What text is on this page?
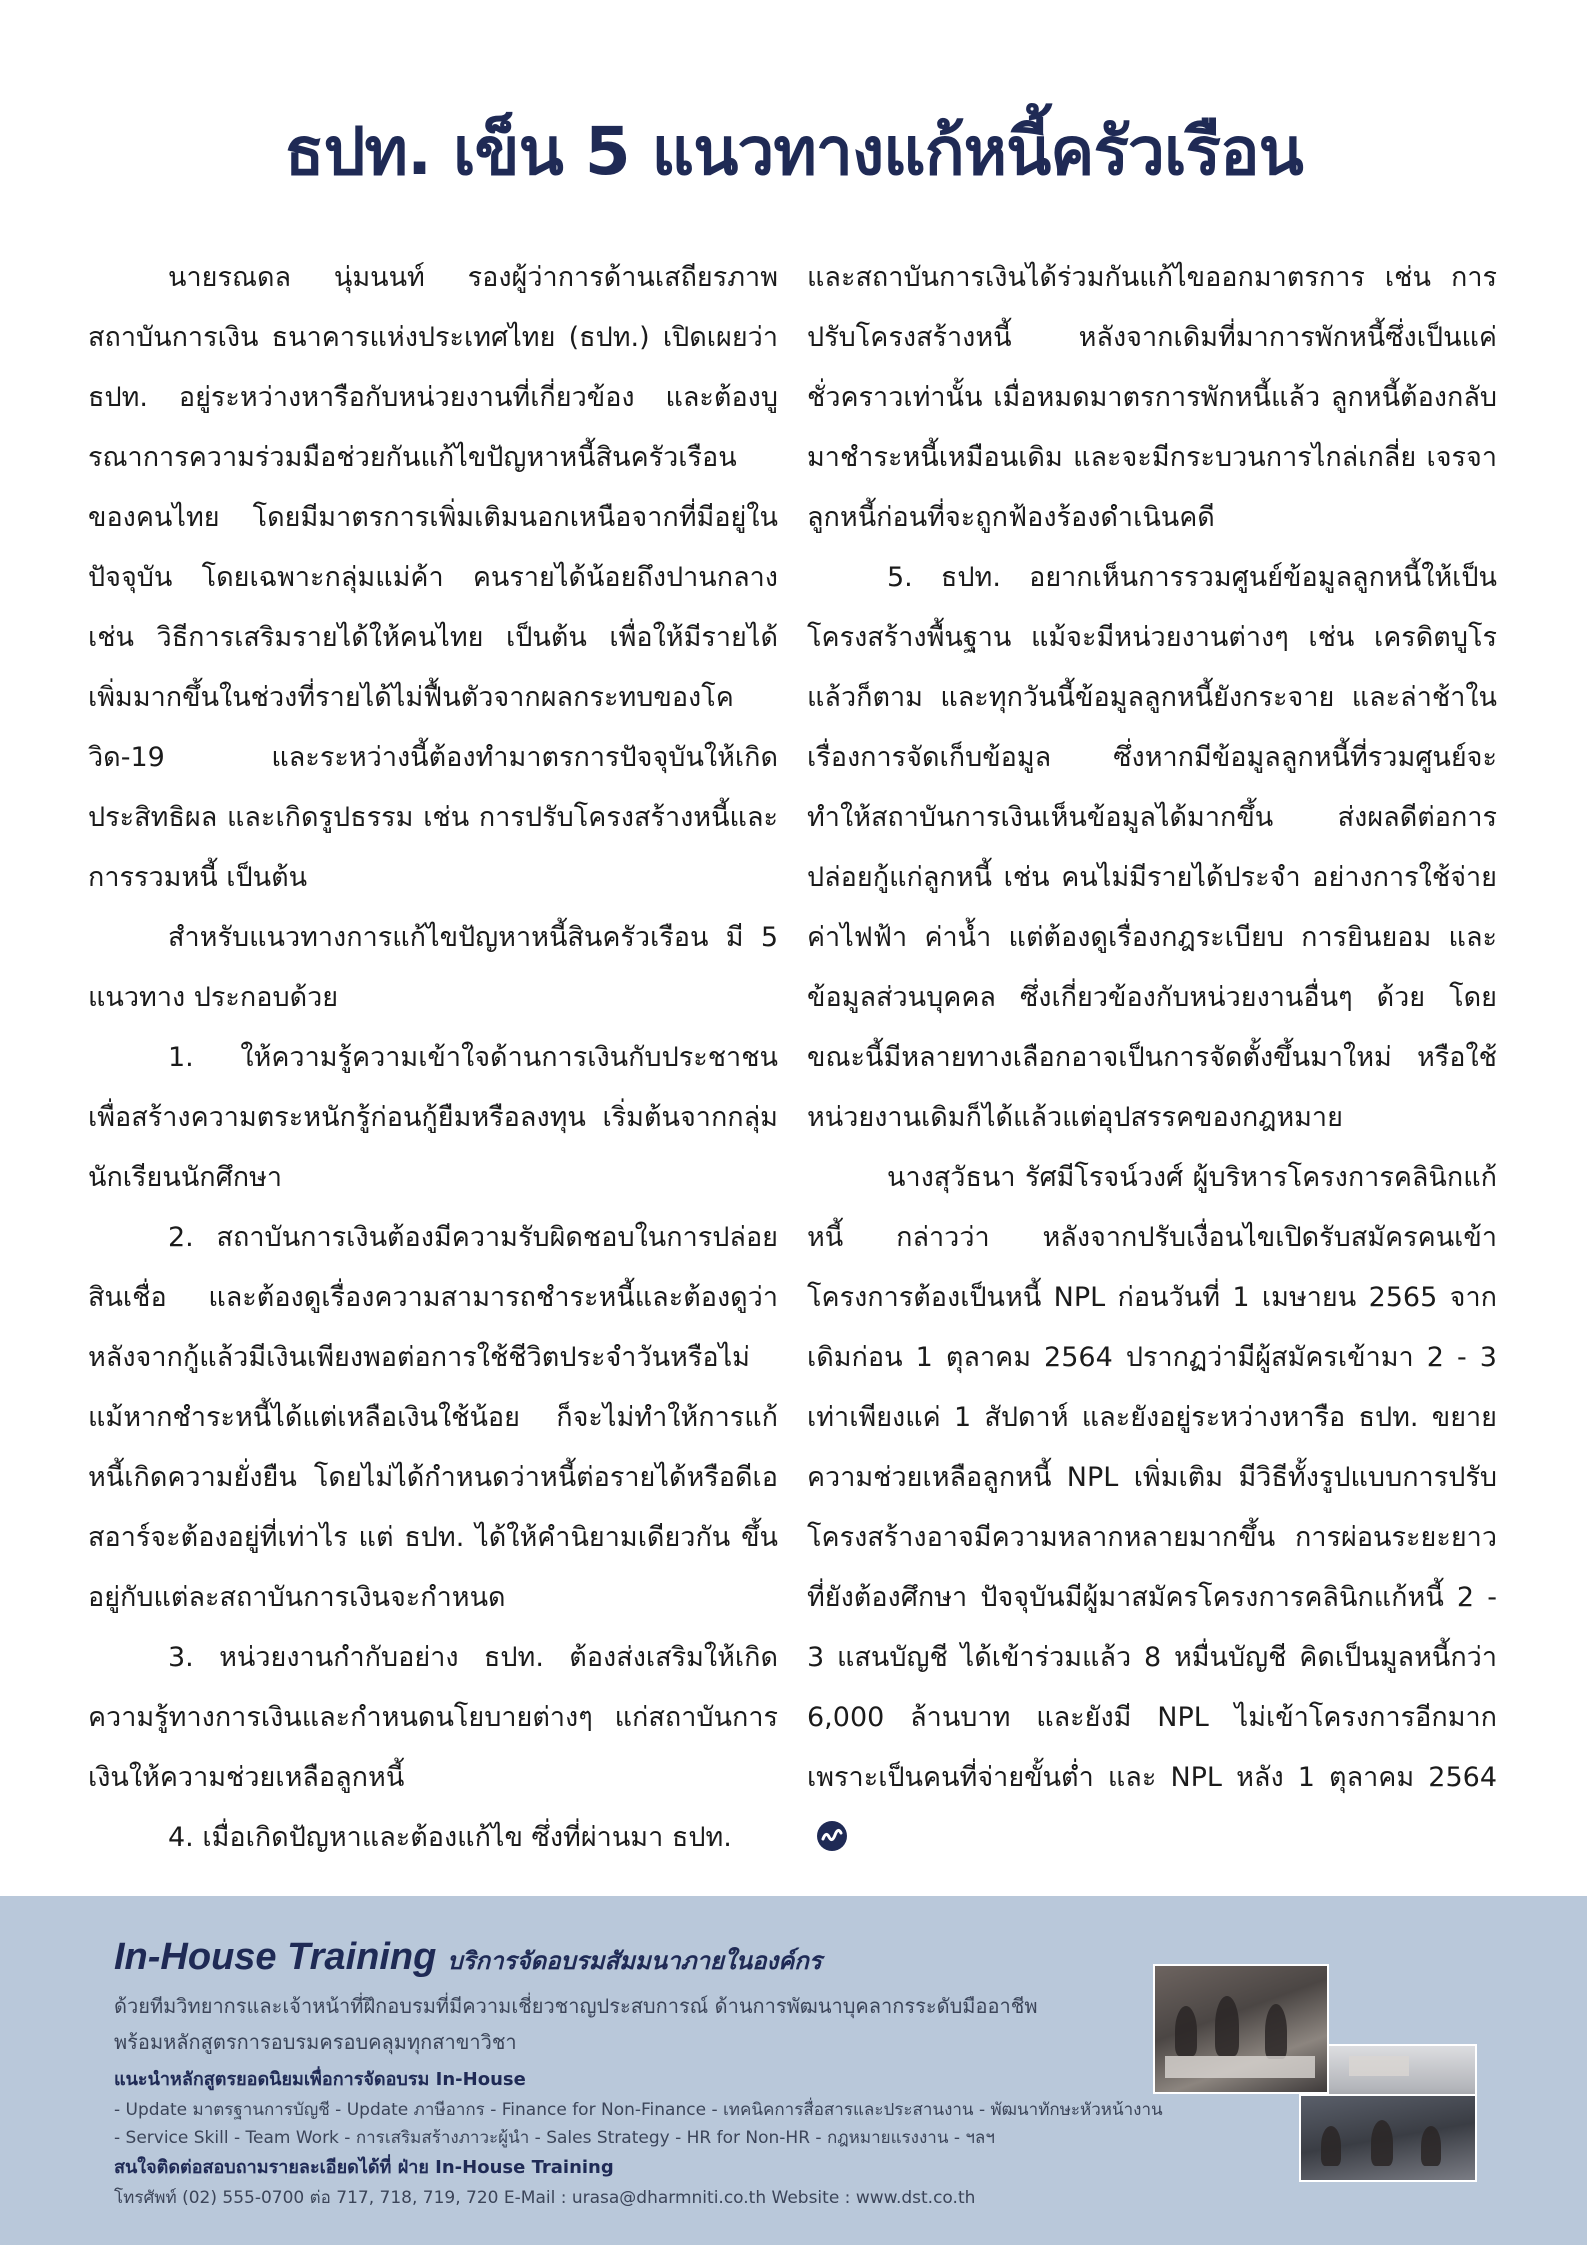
ธปท. เข็น 5 แนวทางแก้หนี้ครัวเรือน

นายรณดล นุ่มนนท์ รองผู้ว่าการด้านเสถียรภาพสถาบันการเงิน ธนาคารแห่งประเทศไทย (ธปท.) เปิดเผยว่า ธปท. อยู่ระหว่างหารือกับหน่วยงานที่เกี่ยวข้อง และต้องบูรณาการความร่วมมือช่วยกันแก้ไขปัญหาหนี้สินครัวเรือนของคนไทย โดยมีมาตรการเพิ่มเติมนอกเหนือจากที่มีอยู่ในปัจจุบัน โดยเฉพาะกลุ่มแม่ค้า คนรายได้น้อยถึงปานกลาง เช่น วิธีการเสริมรายได้ให้คนไทย เป็นต้น เพื่อให้มีรายได้เพิ่มมากขึ้นในช่วงที่รายได้ไม่ฟื้นตัวจากผลกระทบของโควิด-19 และระหว่างนี้ต้องทำมาตรการปัจจุบันให้เกิดประสิทธิผล และเกิดรูปธรรม เช่น การปรับโครงสร้างหนี้และการรวมหนี้ เป็นต้น

สำหรับแนวทางการแก้ไขปัญหาหนี้สินครัวเรือน มี 5 แนวทาง ประกอบด้วย

1. ให้ความรู้ความเข้าใจด้านการเงินกับประชาชน เพื่อสร้างความตระหนักรู้ก่อนกู้ยืมหรือลงทุน เริ่มต้นจากกลุ่มนักเรียนนักศึกษา

2. สถาบันการเงินต้องมีความรับผิดชอบในการปล่อยสินเชื่อ และต้องดูเรื่องความสามารถชำระหนี้และต้องดูว่าหลังจากกู้แล้วมีเงินเพียงพอต่อการใช้ชีวิตประจำวันหรือไม่ แม้หากชำระหนี้ได้แต่เหลือเงินใช้น้อย ก็จะไม่ทำให้การแก้หนี้เกิดความยั่งยืน โดยไม่ได้กำหนดว่าหนี้ต่อรายได้หรือดีเอสอาร์จะต้องอยู่ที่เท่าไร แต่ ธปท. ได้ให้คำนิยามเดียวกัน ขึ้นอยู่กับแต่ละสถาบันการเงินจะกำหนด

3. หน่วยงานกำกับอย่าง ธปท. ต้องส่งเสริมให้เกิดความรู้ทางการเงินและกำหนดนโยบายต่างๆ แก่สถาบันการเงินให้ความช่วยเหลือลูกหนี้

4. เมื่อเกิดปัญหาและต้องแก้ไข ซึ่งที่ผ่านมา ธปท.

และสถาบันการเงินได้ร่วมกันแก้ไขออกมาตรการ เช่น การปรับโครงสร้างหนี้ หลังจากเดิมที่มาการพักหนี้ซึ่งเป็นแค่ชั่วคราวเท่านั้น เมื่อหมดมาตรการพักหนี้แล้ว ลูกหนี้ต้องกลับมาชำระหนี้เหมือนเดิม และจะมีกระบวนการไกล่เกลี่ย เจรจาลูกหนี้ก่อนที่จะถูกฟ้องร้องดำเนินคดี

5. ธปท. อยากเห็นการรวมศูนย์ข้อมูลลูกหนี้ให้เป็นโครงสร้างพื้นฐาน แม้จะมีหน่วยงานต่างๆ เช่น เครดิตบูโร แล้วก็ตาม และทุกวันนี้ข้อมูลลูกหนี้ยังกระจาย และล่าช้าในเรื่องการจัดเก็บข้อมูล ซึ่งหากมีข้อมูลลูกหนี้ที่รวมศูนย์จะทำให้สถาบันการเงินเห็นข้อมูลได้มากขึ้น ส่งผลดีต่อการปล่อยกู้แก่ลูกหนี้ เช่น คนไม่มีรายได้ประจำ อย่างการใช้จ่ายค่าไฟฟ้า ค่าน้ำ แต่ต้องดูเรื่องกฎระเบียบ การยินยอม และข้อมูลส่วนบุคคล ซึ่งเกี่ยวข้องกับหน่วยงานอื่นๆ ด้วย โดยขณะนี้มีหลายทางเลือกอาจเป็นการจัดตั้งขึ้นมาใหม่ หรือใช้หน่วยงานเดิมก็ได้แล้วแต่อุปสรรคของกฎหมาย

นางสุวัธนา รัศมีโรจน์วงศ์ ผู้บริหารโครงการคลินิกแก้หนี้ กล่าวว่า หลังจากปรับเงื่อนไขเปิดรับสมัครคนเข้าโครงการต้องเป็นหนี้ NPL ก่อนวันที่ 1 เมษายน 2565 จากเดิมก่อน 1 ตุลาคม 2564 ปรากฏว่ามีผู้สมัครเข้ามา 2 - 3 เท่าเพียงแค่ 1 สัปดาห์ และยังอยู่ระหว่างหารือ ธปท. ขยายความช่วยเหลือลูกหนี้ NPL เพิ่มเติม มีวิธีทั้งรูปแบบการปรับโครงสร้างอาจมีความหลากหลายมากขึ้น การผ่อนระยะยาวที่ยังต้องศึกษา ปัจจุบันมีผู้มาสมัครโครงการคลินิกแก้หนี้ 2 - 3 แสนบัญชี ได้เข้าร่วมแล้ว 8 หมื่นบัญชี คิดเป็นมูลหนี้กว่า 6,000 ล้านบาท และยังมี NPL ไม่เข้าโครงการอีกมาก เพราะเป็นคนที่จ่ายขั้นต่ำ และ NPL หลัง 1 ตุลาคม 2564

In-House Training บริการจัดอบรมสัมมนาภายในองค์กร
ด้วยทีมวิทยากรและเจ้าหน้าที่ฝึกอบรมที่มีความเชี่ยวชาญประสบการณ์ ด้านการพัฒนาบุคลากรระดับมืออาชีพ
พร้อมหลักสูตรการอบรมครอบคลุมทุกสาขาวิชา
แนะนำหลักสูตรยอดนิยมเพื่อการจัดอบรม In-House
- Update มาตรฐานการบัญชี - Update ภาษีอากร - Finance for Non-Finance - เทคนิคการสื่อสารและประสานงาน - พัฒนาทักษะหัวหน้างาน
- Service Skill - Team Work - การเสริมสร้างภาวะผู้นำ - Sales Strategy - HR for Non-HR - กฎหมายแรงงาน - ฯลฯ
สนใจติดต่อสอบถามรายละเอียดได้ที่ ฝ่าย In-House Training
โทรศัพท์ (02) 555-0700 ต่อ 717, 718, 719, 720 E-Mail : urasa@dharmniti.co.th Website : www.dst.co.th
